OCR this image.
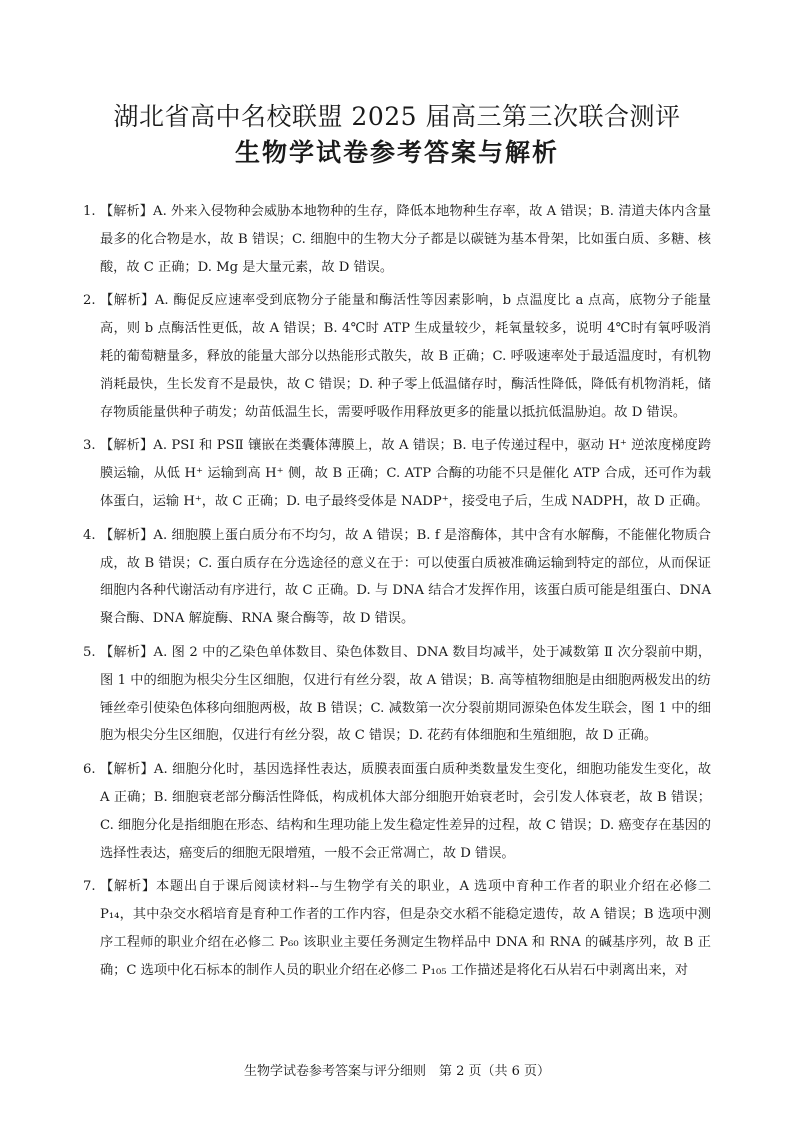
湖北省高中名校联盟 2025 届高三第三次联合测评
生物学试卷参考答案与解析
1. 【解析】A. 外来入侵物种会威胁本地物种的生存，降低本地物种生存率，故 A 错误；B. 清道夫体内含量最多的化合物是水，故 B 错误；C. 细胞中的生物大分子都是以碳链为基本骨架，比如蛋白质、多糖、核酸，故 C 正确；D. Mg 是大量元素，故 D 错误。
2. 【解析】A. 酶促反应速率受到底物分子能量和酶活性等因素影响，b 点温度比 a 点高，底物分子能量高，则 b 点酶活性更低，故 A 错误；B. 4℃时 ATP 生成量较少，耗氧量较多，说明 4℃时有氧呼吸消耗的葡萄糖量多，释放的能量大部分以热能形式散失，故 B 正确；C. 呼吸速率处于最适温度时，有机物消耗最快，生长发育不是最快，故 C 错误；D. 种子零上低温储存时，酶活性降低，降低有机物消耗，储存物质能量供种子萌发；幼苗低温生长，需要呼吸作用释放更多的能量以抵抗低温胁迫。故 D 错误。
3. 【解析】A. PSⅠ 和 PSⅡ 镶嵌在类囊体薄膜上，故 A 错误；B. 电子传递过程中，驱动 H⁺ 逆浓度梯度跨膜运输，从低 H⁺ 运输到高 H⁺ 侧，故 B 正确；C. ATP 合酶的功能不只是催化 ATP 合成，还可作为载体蛋白，运输 H⁺，故 C 正确；D. 电子最终受体是 NADP⁺，接受电子后，生成 NADPH，故 D 正确。
4. 【解析】A. 细胞膜上蛋白质分布不均匀，故 A 错误；B. f 是溶酶体，其中含有水解酶，不能催化物质合成，故 B 错误；C. 蛋白质存在分选途径的意义在于：可以使蛋白质被准确运输到特定的部位，从而保证细胞内各种代谢活动有序进行，故 C 正确。D. 与 DNA 结合才发挥作用，该蛋白质可能是组蛋白、DNA 聚合酶、DNA 解旋酶、RNA 聚合酶等，故 D 错误。
5. 【解析】A. 图 2 中的乙染色单体数目、染色体数目、DNA 数目均减半，处于减数第 Ⅱ 次分裂前中期，图 1 中的细胞为根尖分生区细胞，仅进行有丝分裂，故 A 错误；B. 高等植物细胞是由细胞两极发出的纺锤丝牵引使染色体移向细胞两极，故 B 错误；C. 减数第一次分裂前期同源染色体发生联会，图 1 中的细胞为根尖分生区细胞，仅进行有丝分裂，故 C 错误；D. 花药有体细胞和生殖细胞，故 D 正确。
6. 【解析】A. 细胞分化时，基因选择性表达，质膜表面蛋白质种类数量发生变化，细胞功能发生变化，故 A 正确；B. 细胞衰老部分酶活性降低，构成机体大部分细胞开始衰老时，会引发人体衰老，故 B 错误；C. 细胞分化是指细胞在形态、结构和生理功能上发生稳定性差异的过程，故 C 错误；D. 癌变存在基因的选择性表达，癌变后的细胞无限增殖，一般不会正常凋亡，故 D 错误。
7. 【解析】本题出自于课后阅读材料--与生物学有关的职业，A 选项中育种工作者的职业介绍在必修二 P₁₄，其中杂交水稻培育是育种工作者的工作内容，但是杂交水稻不能稳定遗传，故 A 错误；B 选项中测序工程师的职业介绍在必修二 P₆₀ 该职业主要任务测定生物样品中 DNA 和 RNA 的碱基序列，故 B 正确；C 选项中化石标本的制作人员的职业介绍在必修二 P₁₀₅ 工作描述是将化石从岩石中剥离出来，对
生物学试卷参考答案与评分细则　第 2 页（共 6 页）
